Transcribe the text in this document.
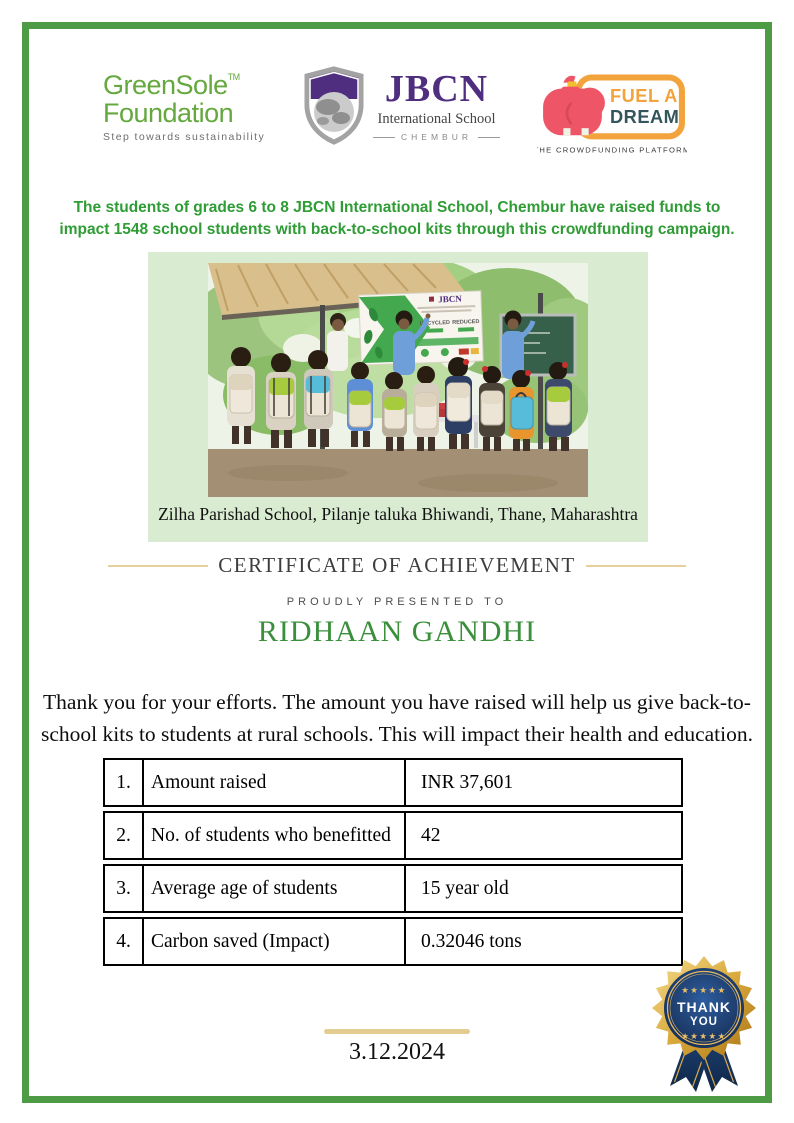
GreenSole™
Foundation
Step towards sustainability
JBCN
International School
CHEMBUR
FUEL A
DREAM
THE CROWDFUNDING PLATFORM

The students of grades 6 to 8 JBCN International School, Chembur have raised funds to impact 1548 school students with back-to-school kits through this crowdfunding campaign.

JBCN
UPCYCLED REDUCED
Zilha Parishad School, Pilanje taluka Bhiwandi, Thane, Maharashtra
CERTIFICATE OF ACHIEVEMENT
PROUDLY PRESENTED TO
RIDHAAN GANDHI

Thank you for your efforts. The amount you have raised will help us give back-to-school kits to students at rural schools. This will impact their health and education.

1.	Amount raised	INR 37,601
2.	No. of students who benefitted	42
3.	Average age of students	15 year old
4.	Carbon saved (Impact)	0.32046 tons
3.12.2024
★★★★★
THANK
YOU
★★★★★
